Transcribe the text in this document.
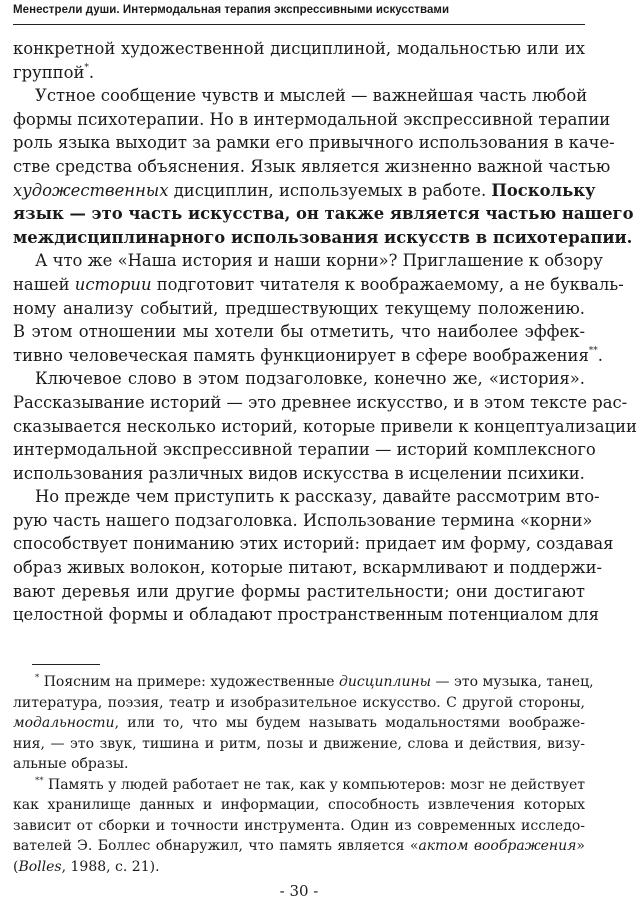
Менестрели души. Интермодальная терапия экспрессивными искусствами
конкретной художественной дисциплиной, модальностью или их
группой*.
Устное сообщение чувств и мыслей — важнейшая часть любой
формы психотерапии. Но в интермодальной экспрессивной терапии
роль языка выходит за рамки его привычного использования в каче-
стве средства объяснения. Язык является жизненно важной частью
художественных дисциплин, используемых в работе. Поскольку
язык — это часть искусства, он также является частью нашего
междисциплинарного использования искусств в психотерапии.
А что же «Наша история и наши корни»? Приглашение к обзору
нашей истории подготовит читателя к воображаемому, а не букваль-
ному анализу событий, предшествующих текущему положению.
В этом отношении мы хотели бы отметить, что наиболее эффек-
тивно человеческая память функционирует в сфере воображения**.
Ключевое слово в этом подзаголовке, конечно же, «история».
Рассказывание историй — это древнее искусство, и в этом тексте рас-
сказывается несколько историй, которые привели к концептуализации
интермодальной экспрессивной терапии — историй комплексного
использования различных видов искусства в исцелении психики.
Но прежде чем приступить к рассказу, давайте рассмотрим вто-
рую часть нашего подзаголовка. Использование термина «корни»
способствует пониманию этих историй: придает им форму, создавая
образ живых волокон, которые питают, вскармливают и поддержи-
вают деревья или другие формы растительности; они достигают
целостной формы и обладают пространственным потенциалом для
* Поясним на примере: художественные дисциплины — это музыка, танец,
литература, поэзия, театр и изобразительное искусство. С другой стороны,
модальности, или то, что мы будем называть модальностями воображе-
ния, — это звук, тишина и ритм, позы и движение, слова и действия, визу-
альные образы.
** Память у людей работает не так, как у компьютеров: мозг не действует
как хранилище данных и информации, способность извлечения которых
зависит от сборки и точности инструмента. Один из современных исследо-
вателей Э. Боллес обнаружил, что память является «актом воображения»
(Bolles, 1988, с. 21).
- 30 -
